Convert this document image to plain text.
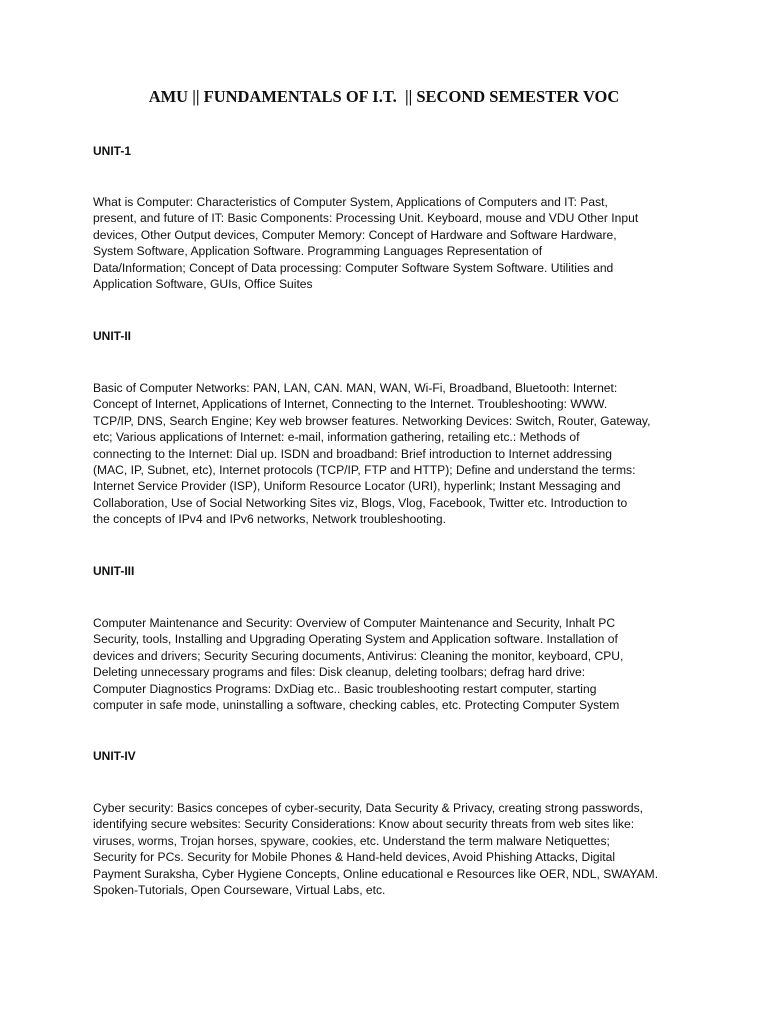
AMU || FUNDAMENTALS OF I.T.  || SECOND SEMESTER VOC
UNIT-1
What is Computer: Characteristics of Computer System, Applications of Computers and IT: Past,
present, and future of IT: Basic Components: Processing Unit. Keyboard, mouse and VDU Other Input
devices, Other Output devices, Computer Memory: Concept of Hardware and Software Hardware,
System Software, Application Software. Programming Languages Representation of
Data/Information; Concept of Data processing: Computer Software System Software. Utilities and
Application Software, GUIs, Office Suites
UNIT-II
Basic of Computer Networks: PAN, LAN, CAN. MAN, WAN, Wi-Fi, Broadband, Bluetooth: Internet:
Concept of Internet, Applications of Internet, Connecting to the Internet. Troubleshooting: WWW.
TCP/IP, DNS, Search Engine; Key web browser features. Networking Devices: Switch, Router, Gateway,
etc; Various applications of Internet: e-mail, information gathering, retailing etc.: Methods of
connecting to the Internet: Dial up. ISDN and broadband: Brief introduction to Internet addressing
(MAC, IP, Subnet, etc), Internet protocols (TCP/IP, FTP and HTTP); Define and understand the terms:
Internet Service Provider (ISP), Uniform Resource Locator (URI), hyperlink; Instant Messaging and
Collaboration, Use of Social Networking Sites viz, Blogs, Vlog, Facebook, Twitter etc. Introduction to
the concepts of IPv4 and IPv6 networks, Network troubleshooting.
UNIT-III
Computer Maintenance and Security: Overview of Computer Maintenance and Security, Inhalt PC
Security, tools, Installing and Upgrading Operating System and Application software. Installation of
devices and drivers; Security Securing documents, Antivirus: Cleaning the monitor, keyboard, CPU,
Deleting unnecessary programs and files: Disk cleanup, deleting toolbars; defrag hard drive:
Computer Diagnostics Programs: DxDiag etc.. Basic troubleshooting restart computer, starting
computer in safe mode, uninstalling a software, checking cables, etc. Protecting Computer System
UNIT-IV
Cyber security: Basics concepes of cyber-security, Data Security & Privacy, creating strong passwords,
identifying secure websites: Security Considerations: Know about security threats from web sites like:
viruses, worms, Trojan horses, spyware, cookies, etc. Understand the term malware Netiquettes;
Security for PCs. Security for Mobile Phones & Hand-held devices, Avoid Phishing Attacks, Digital
Payment Suraksha, Cyber Hygiene Concepts, Online educational e Resources like OER, NDL, SWAYAM.
Spoken-Tutorials, Open Courseware, Virtual Labs, etc.
